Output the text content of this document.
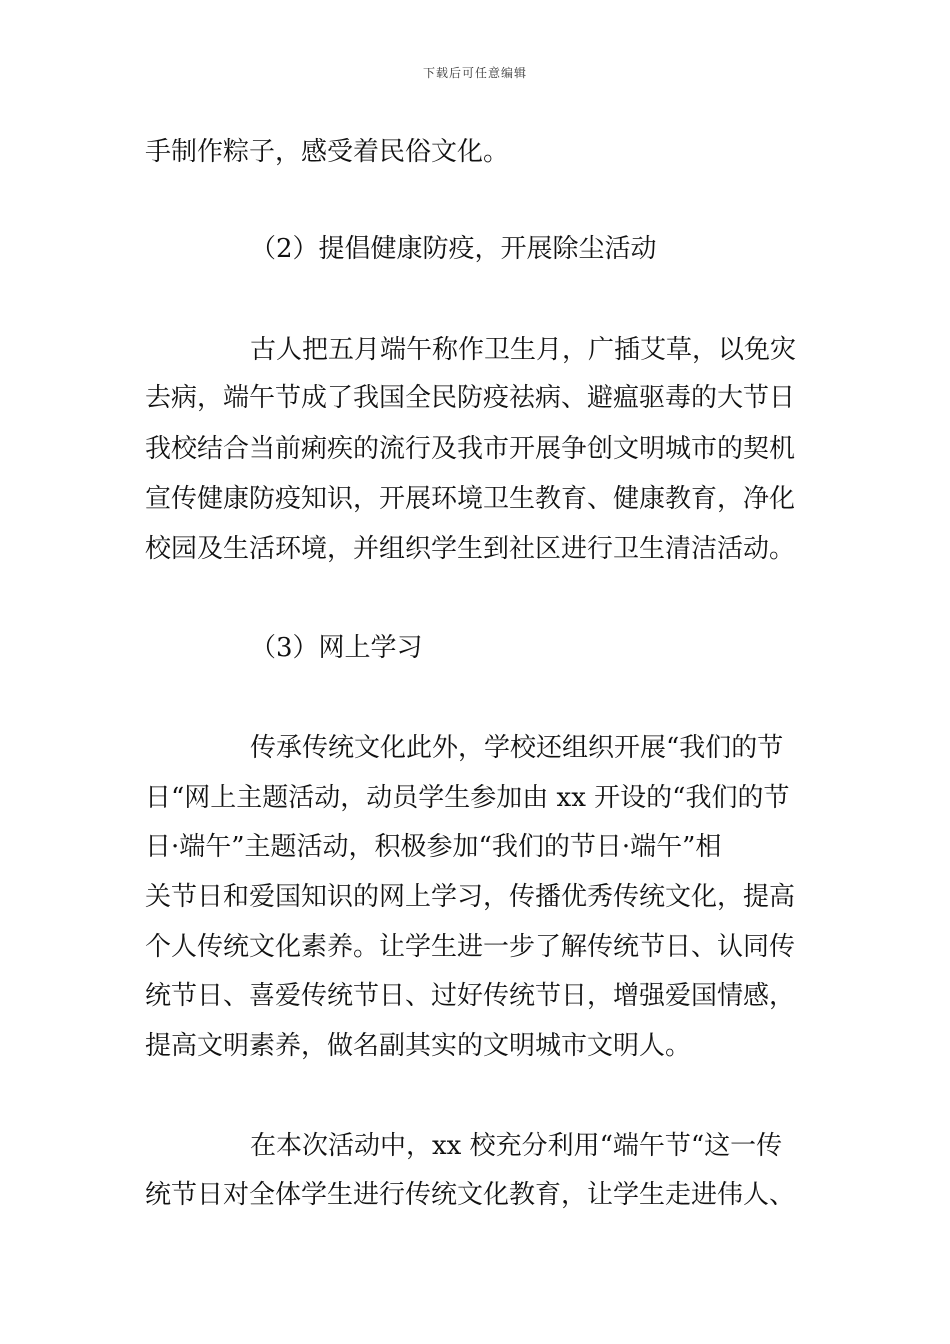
下载后可任意编辑
手制作粽子，感受着民俗文化。
（2）提倡健康防疫，开展除尘活动
古人把五月端午称作卫生月，广插艾草，以免灾
去病，端午节成了我国全民防疫祛病、避瘟驱毒的大节日
我校结合当前痢疾的流行及我市开展争创文明城市的契机
宣传健康防疫知识，开展环境卫生教育、健康教育，净化
校园及生活环境，并组织学生到社区进行卫生清洁活动。
（3）网上学习
传承传统文化此外，学校还组织开展“我们的节
日“网上主题活动，动员学生参加由 xx 开设的“我们的节
日·端午”主题活动，积极参加“我们的节日·端午”相
关节日和爱国知识的网上学习，传播优秀传统文化，提高
个人传统文化素养。让学生进一步了解传统节日、认同传
统节日、喜爱传统节日、过好传统节日，增强爱国情感，
提高文明素养，做名副其实的文明城市文明人。
在本次活动中，xx 校充分利用“端午节“这一传
统节日对全体学生进行传统文化教育，让学生走进伟人、
